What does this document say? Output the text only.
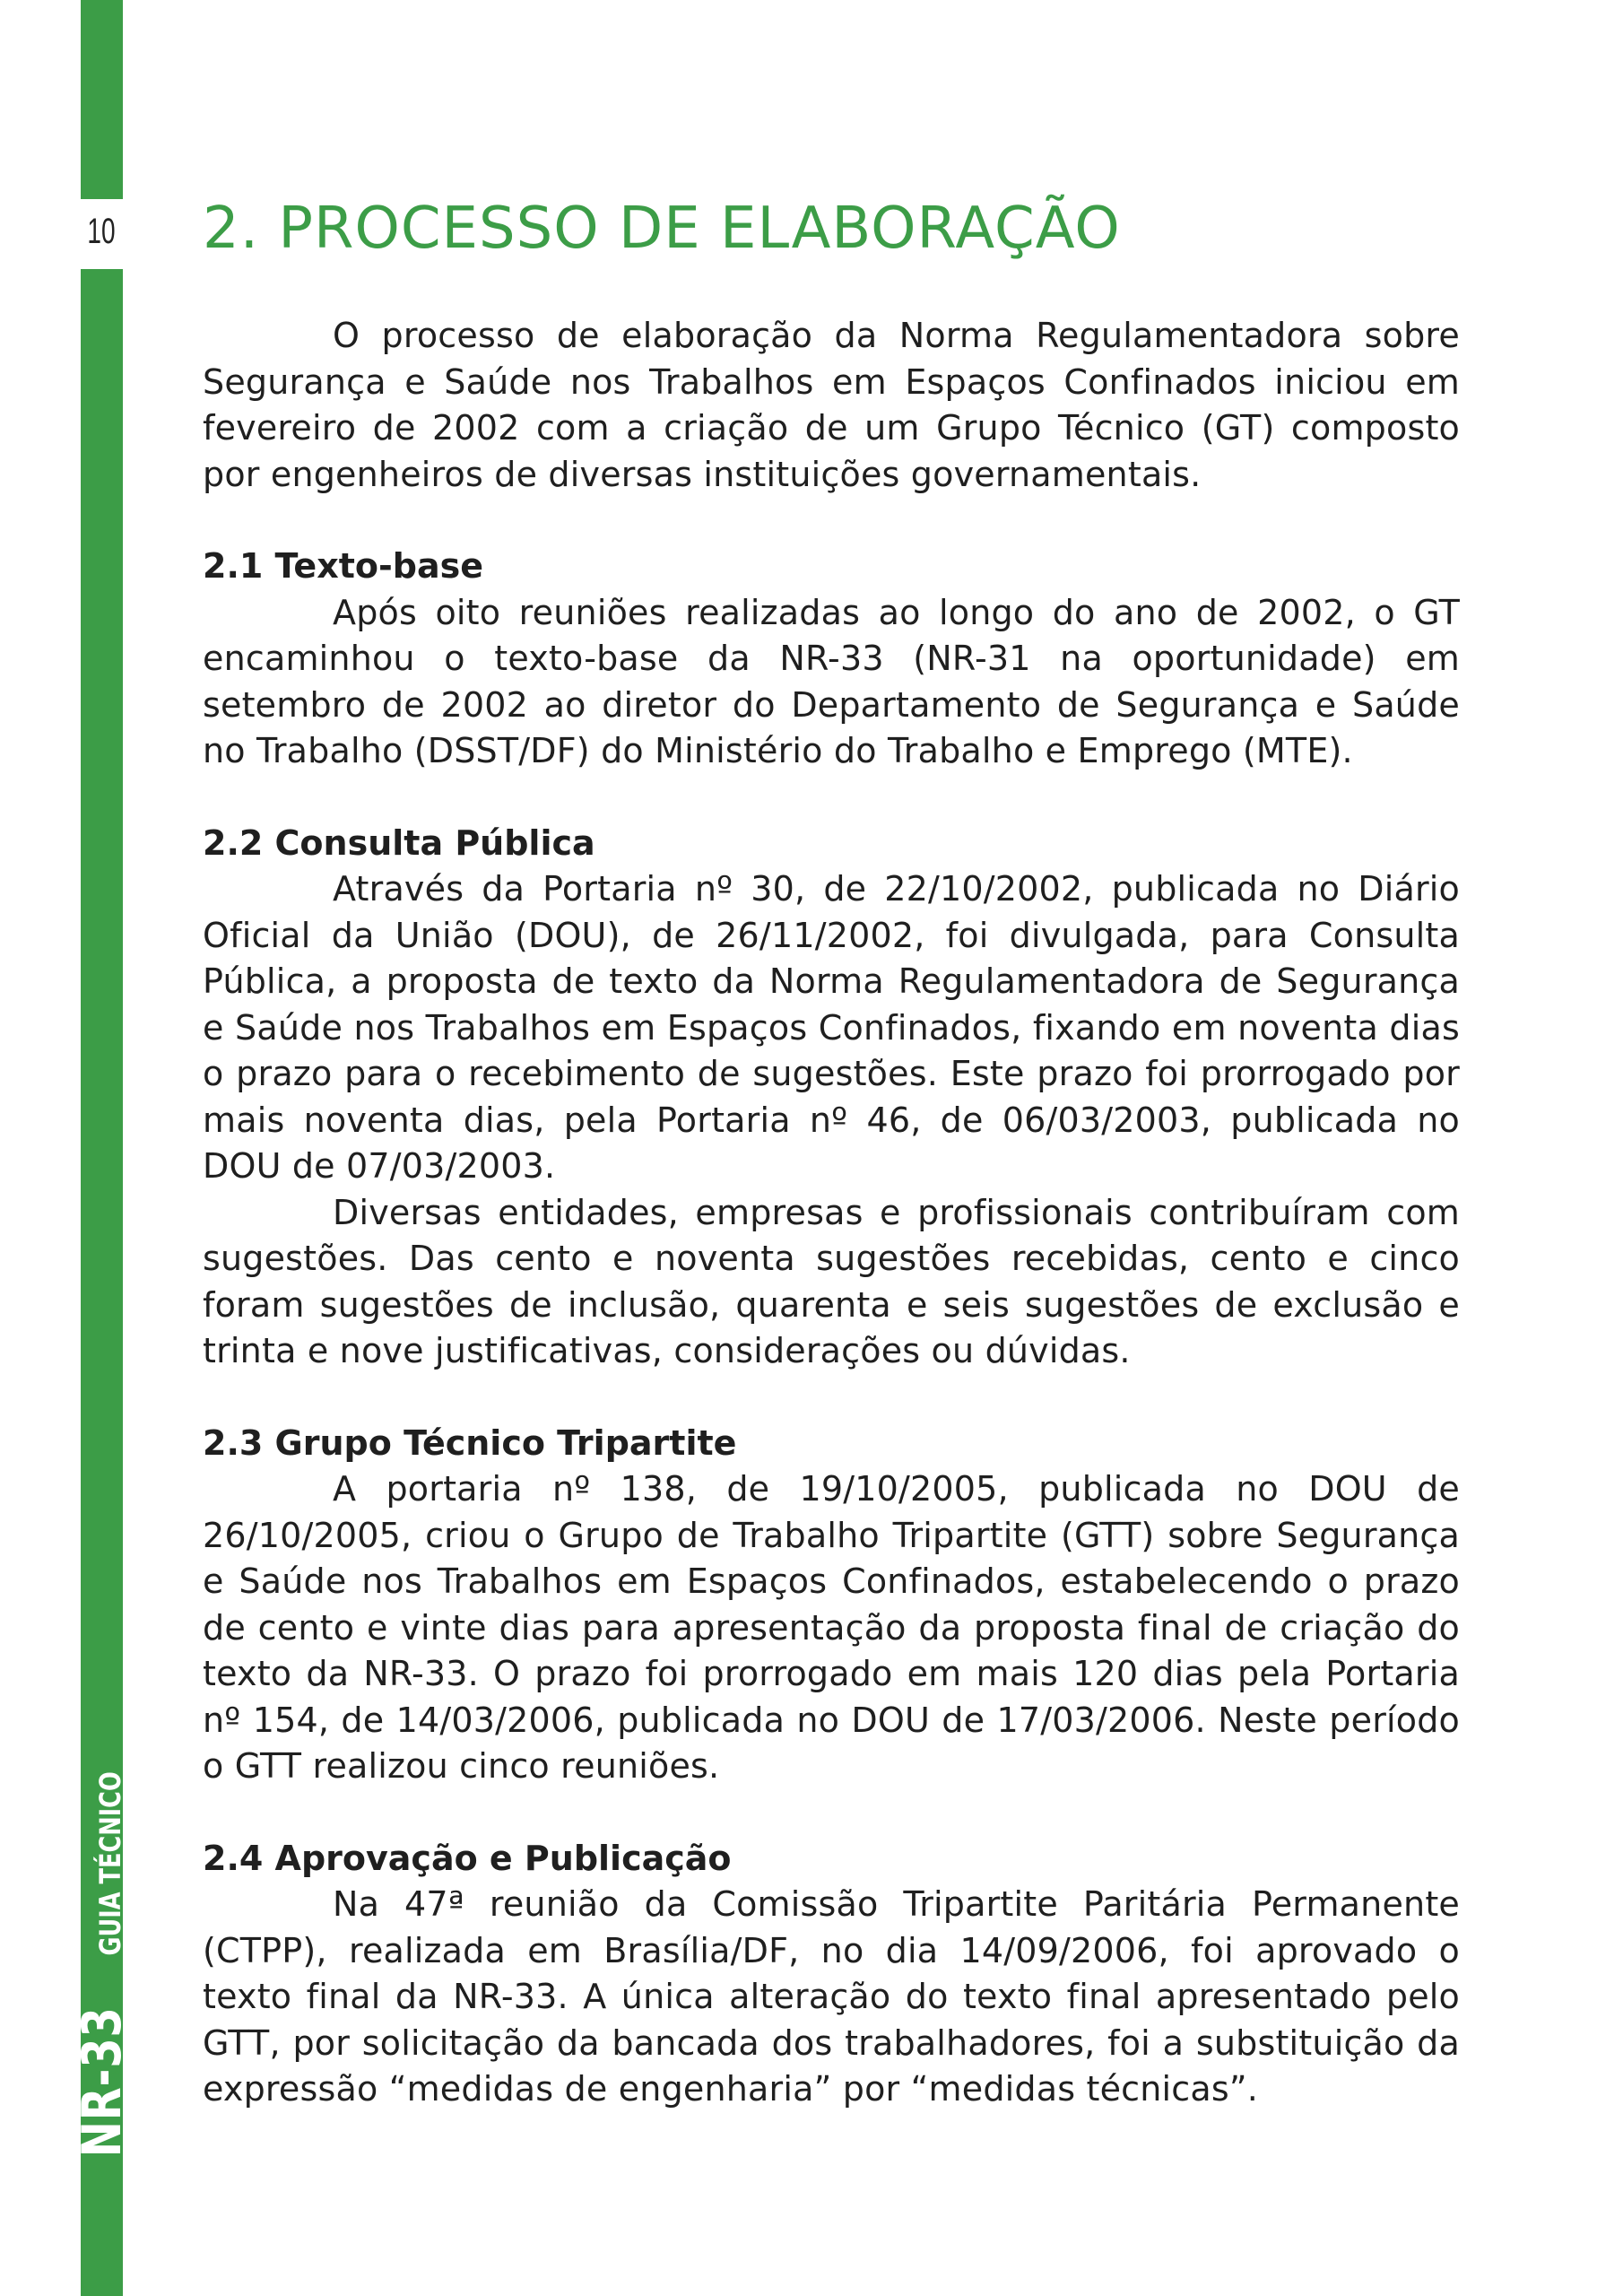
10
NR-33
GUIA TÉCNICO
2. PROCESSO DE ELABORAÇÃO

O processo de elaboração da Norma Regulamentadora sobre Segurança e Saúde nos Trabalhos em Espaços Confinados iniciou em fevereiro de 2002 com a criação de um Grupo Técnico (GT) composto por engenheiros de diversas instituições governamentais.

2.1 Texto-base

Após oito reuniões realizadas ao longo do ano de 2002, o GT encaminhou o texto-base da NR-33 (NR-31 na oportunidade) em setembro de 2002 ao diretor do Departamento de Segurança e Saúde no Trabalho (DSST/DF) do Ministério do Trabalho e Emprego (MTE).

2.2 Consulta Pública

Através da Portaria nº 30, de 22/10/2002, publicada no Diário Oficial da União (DOU), de 26/11/2002, foi divulgada, para Consulta Pública, a proposta de texto da Norma Regulamentadora de Segurança e Saúde nos Trabalhos em Espaços Confinados, fixando em noventa dias o prazo para o recebimento de sugestões. Este prazo foi prorrogado por mais noventa dias, pela Portaria nº 46, de 06/03/2003, publicada no DOU de 07/03/2003.

Diversas entidades, empresas e profissionais contribuíram com sugestões. Das cento e noventa sugestões recebidas, cento e cinco foram sugestões de inclusão, quarenta e seis sugestões de exclusão e trinta e nove justificativas, considerações ou dúvidas.

2.3 Grupo Técnico Tripartite

A portaria nº 138, de 19/10/2005, publicada no DOU de 26/10/2005, criou o Grupo de Trabalho Tripartite (GTT) sobre Segurança e Saúde nos Trabalhos em Espaços Confinados, estabelecendo o prazo de cento e vinte dias para apresentação da proposta final de criação do texto da NR-33. O prazo foi prorrogado em mais 120 dias pela Portaria nº 154, de 14/03/2006, publicada no DOU de 17/03/2006. Neste período o GTT realizou cinco reuniões.

2.4 Aprovação e Publicação

Na 47ª reunião da Comissão Tripartite Paritária Permanente (CTPP), realizada em Brasília/DF, no dia 14/09/2006, foi aprovado o texto final da NR-33. A única alteração do texto final apresentado pelo GTT, por solicitação da bancada dos trabalhadores, foi a substituição da expressão “medidas de engenharia” por “medidas técnicas”.
